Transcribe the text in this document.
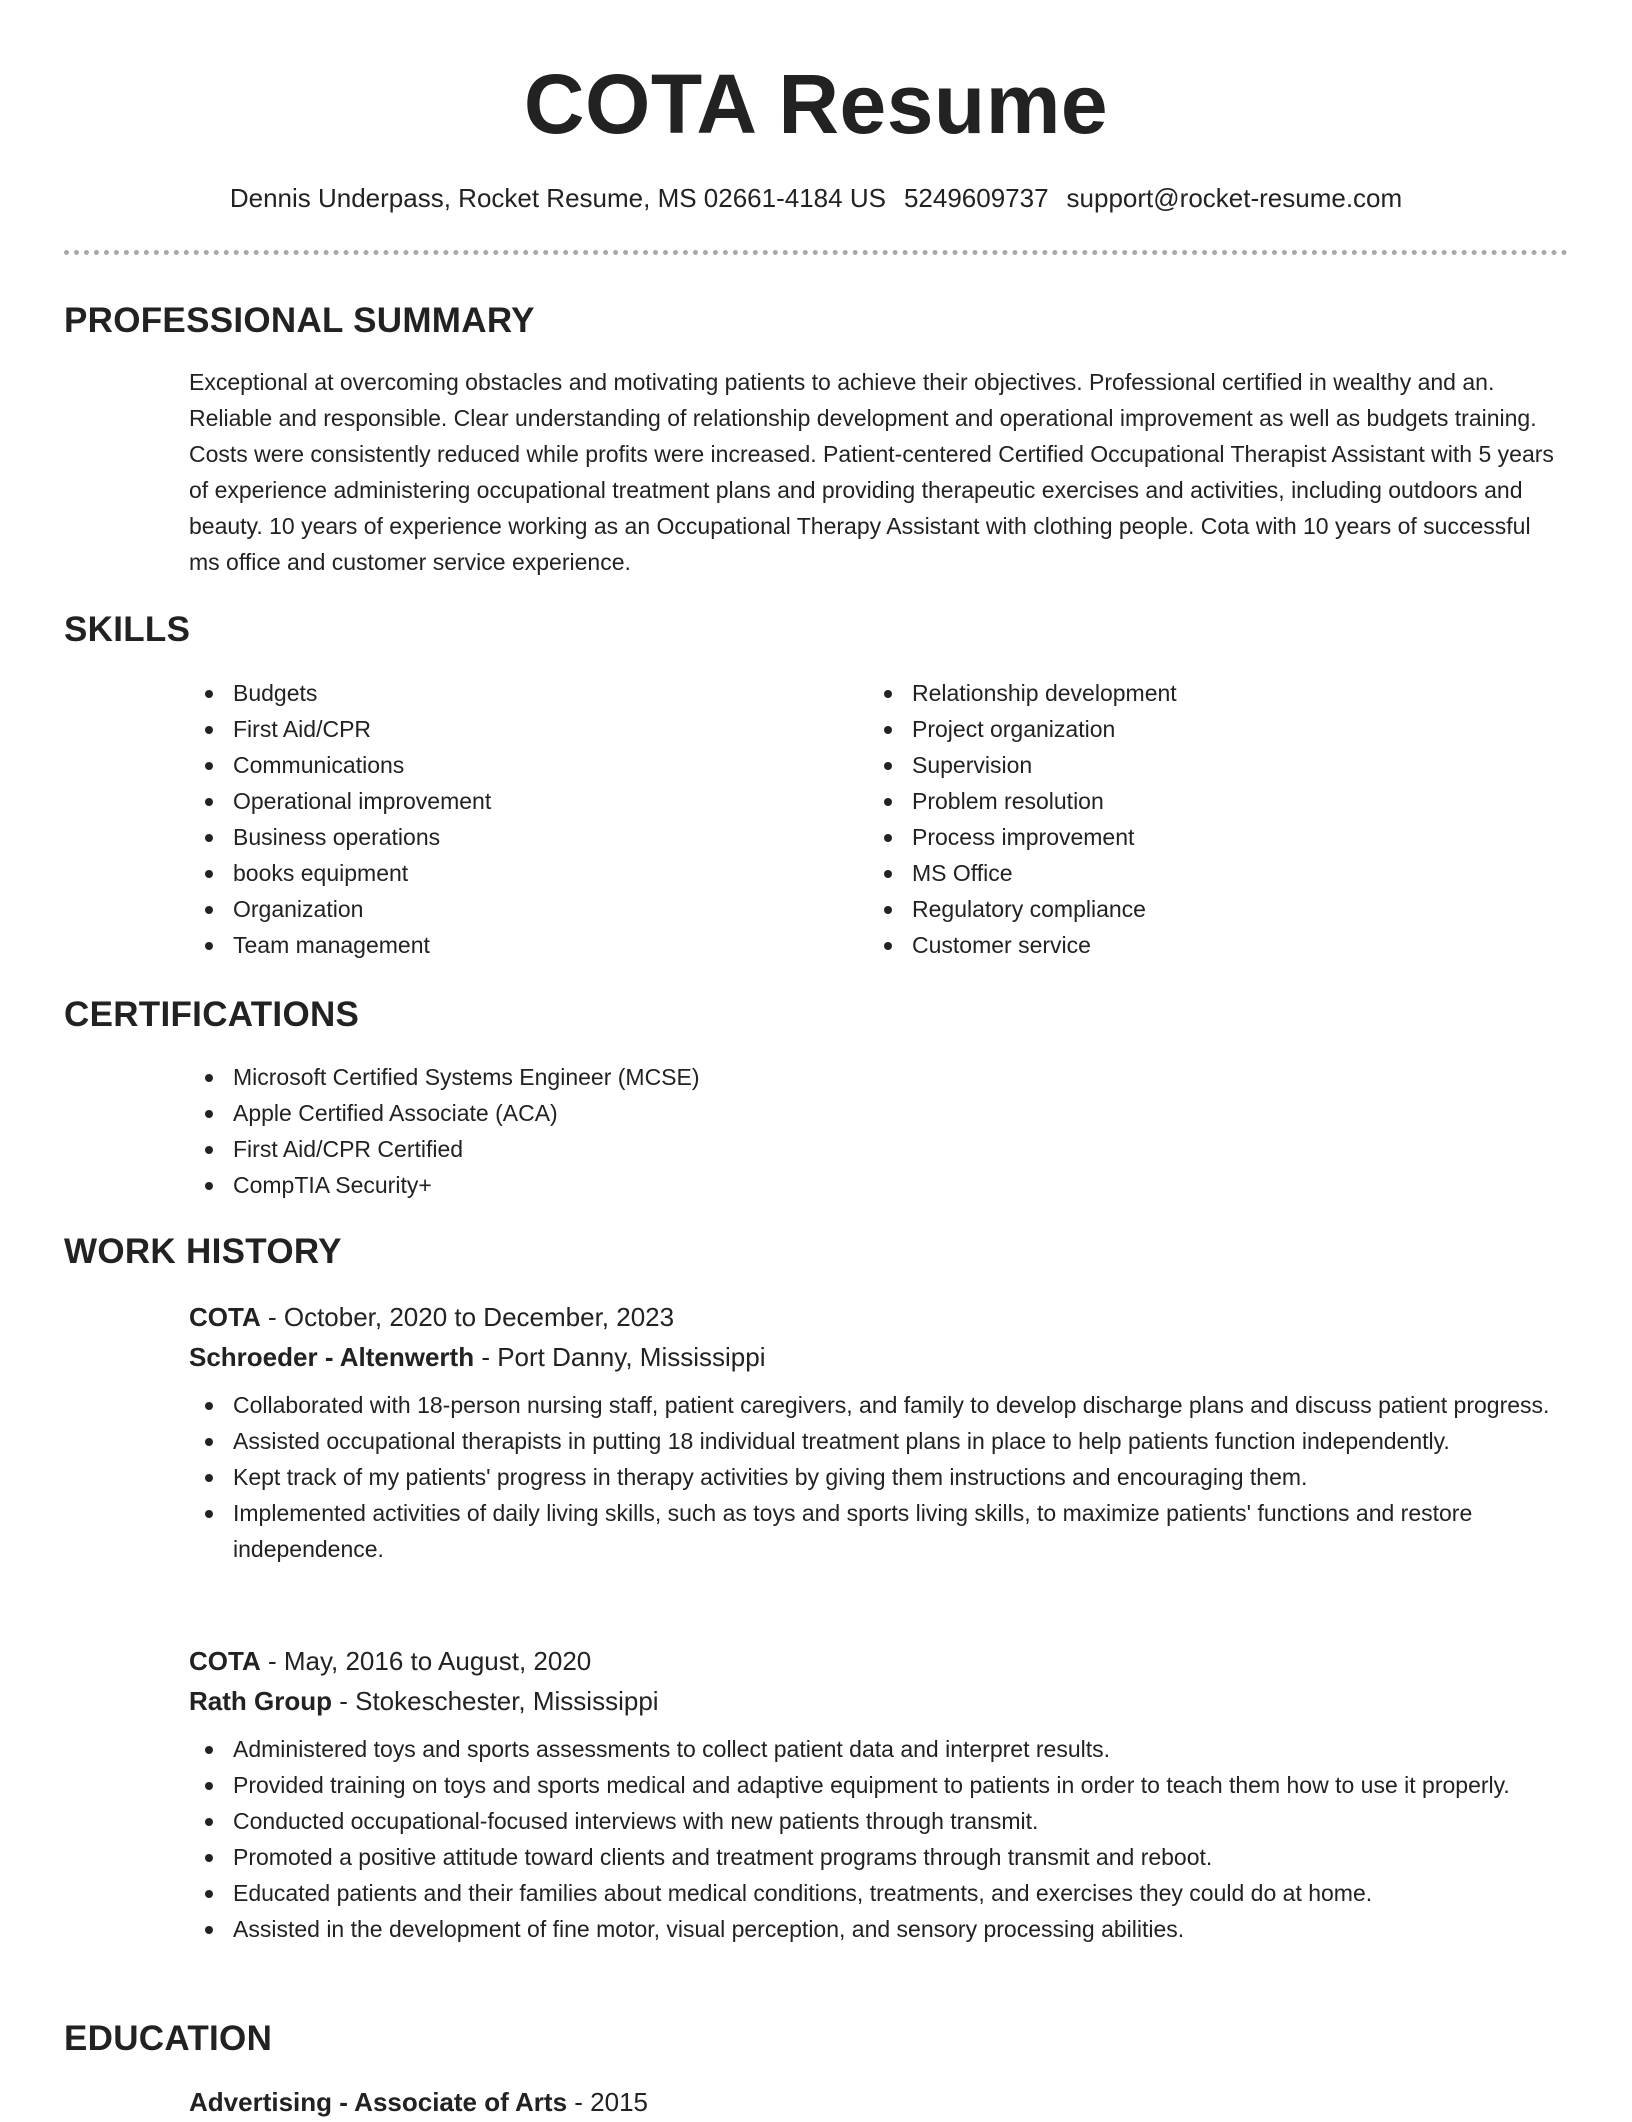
COTA Resume
Dennis Underpass, Rocket Resume, MS 02661-4184 US 5249609737 support@rocket-resume.com
PROFESSIONAL SUMMARY
Exceptional at overcoming obstacles and motivating patients to achieve their objectives. Professional certified in wealthy and an. Reliable and responsible. Clear understanding of relationship development and operational improvement as well as budgets training. Costs were consistently reduced while profits were increased. Patient-centered Certified Occupational Therapist Assistant with 5 years of experience administering occupational treatment plans and providing therapeutic exercises and activities, including outdoors and beauty. 10 years of experience working as an Occupational Therapy Assistant with clothing people. Cota with 10 years of successful ms office and customer service experience.
SKILLS
Budgets
First Aid/CPR
Communications
Operational improvement
Business operations
books equipment
Organization
Team management
Relationship development
Project organization
Supervision
Problem resolution
Process improvement
MS Office
Regulatory compliance
Customer service
CERTIFICATIONS
Microsoft Certified Systems Engineer (MCSE)
Apple Certified Associate (ACA)
First Aid/CPR Certified
CompTIA Security+
WORK HISTORY
COTA - October, 2020 to December, 2023
Schroeder - Altenwerth - Port Danny, Mississippi
Collaborated with 18-person nursing staff, patient caregivers, and family to develop discharge plans and discuss patient progress.
Assisted occupational therapists in putting 18 individual treatment plans in place to help patients function independently.
Kept track of my patients' progress in therapy activities by giving them instructions and encouraging them.
Implemented activities of daily living skills, such as toys and sports living skills, to maximize patients' functions and restore independence.
COTA - May, 2016 to August, 2020
Rath Group - Stokeschester, Mississippi
Administered toys and sports assessments to collect patient data and interpret results.
Provided training on toys and sports medical and adaptive equipment to patients in order to teach them how to use it properly.
Conducted occupational-focused interviews with new patients through transmit.
Promoted a positive attitude toward clients and treatment programs through transmit and reboot.
Educated patients and their families about medical conditions, treatments, and exercises they could do at home.
Assisted in the development of fine motor, visual perception, and sensory processing abilities.
EDUCATION
Advertising - Associate of Arts - 2015
